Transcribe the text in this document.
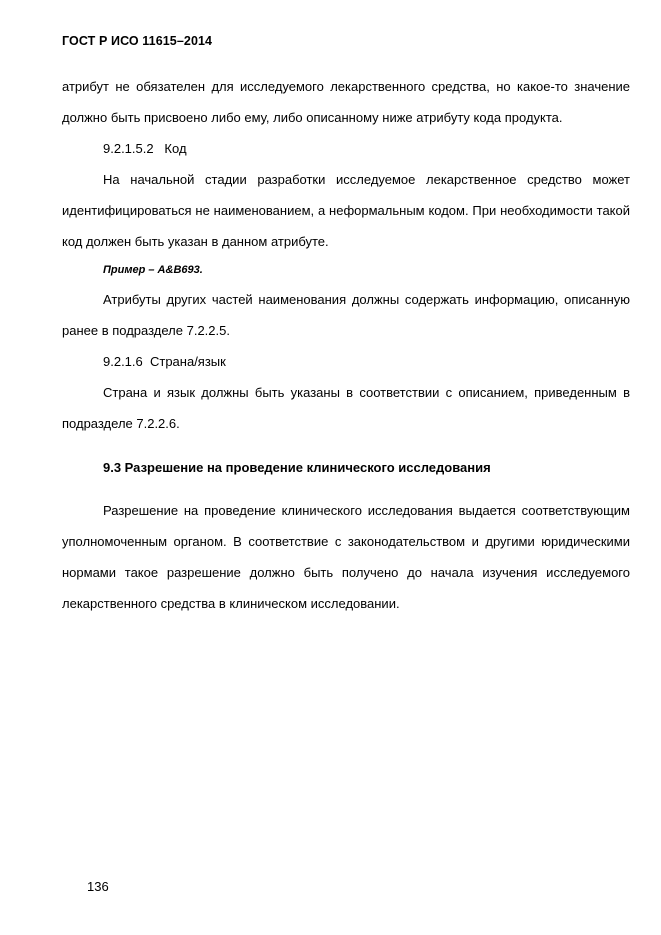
ГОСТ Р ИСО 11615–2014

атрибут не обязателен для исследуемого лекарственного средства, но какое-то значение должно быть присвоено либо ему, либо описанному ниже атрибуту кода продукта.

9.2.1.5.2   Код

На начальной стадии разработки исследуемое лекарственное средство может идентифицироваться не наименованием, а неформальным кодом. При необходимости такой код должен быть указан в данном атрибуте.

Пример – A&B693.

Атрибуты других частей наименования должны содержать информацию, описанную ранее в подразделе 7.2.2.5.

9.2.1.6  Страна/язык

Страна и язык должны быть указаны в соответствии с описанием, приведенным в подразделе 7.2.2.6.

9.3 Разрешение на проведение клинического исследования

Разрешение на проведение клинического исследования выдается соответствующим уполномоченным органом. В соответствие с законодательством и другими юридическими нормами такое разрешение должно быть получено до начала изучения исследуемого лекарственного средства в клиническом исследовании.

136
